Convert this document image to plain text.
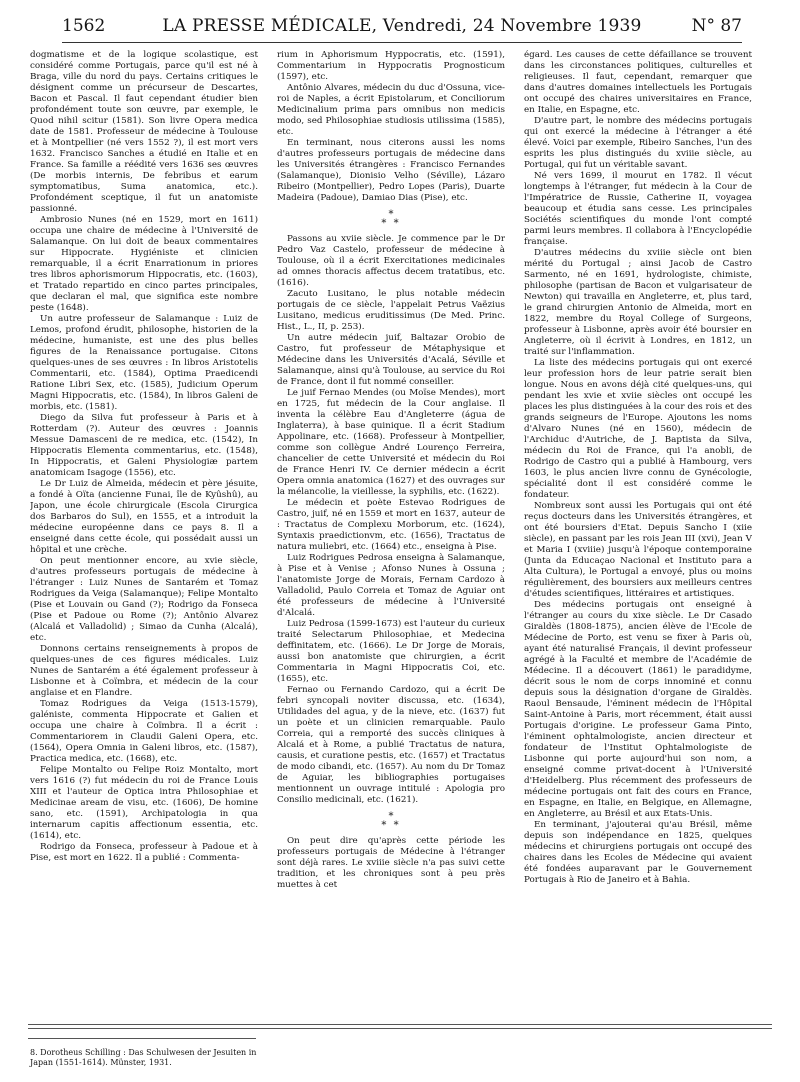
LA PRESSE MÉDICALE, Vendredi, 24 Novembre 1939
1562	N° 87

dogmatisme et de la logique scolastique, est considéré comme Portugais, parce qu'il est né à Braga, ville du nord du pays. Certains critiques le désignent comme un précurseur de Descartes, Bacon et Pascal. Il faut cependant étudier bien profondément toute son œuvre, par exemple, le Quod nihil scitur (1581). Son livre Opera medica date de 1581. Professeur de médecine à Toulouse et à Montpellier (né vers 1552 ?), il est mort vers 1632. Francisco Sanches a étudié en Italie et en France. Sa famille a réédité vers 1636 ses œuvres (De morbis internis, De febribus et earum symptomatibus, Suma anatomica, etc.). Profondément sceptique, il fut un anatomiste passionné.

Ambrosio Nunes (né en 1529, mort en 1611) occupa une chaire de médecine à l'Université de Salamanque. On lui doit de beaux commentaires sur Hippocrate. Hygiéniste et clinicien remarquable, il a écrit Enarrationum in priores tres libros aphorismorum Hippocratis, etc. (1603), et Tratado repartido en cinco partes principales, que declaran el mal, que significa este nombre peste (1648).

Un autre professeur de Salamanque : Luiz de Lemos, profond érudit, philosophe, historien de la médecine, humaniste, est une des plus belles figures de la Renaissance portugaise. Citons quelques-unes de ses œuvres : In libros Aristotelis Commentarii, etc. (1584), Optima Praedicendi Ratione Libri Sex, etc. (1585), Judicium Operum Magni Hippocratis, etc. (1584), In libros Galeni de morbis, etc. (1581).

Diego da Silva fut professeur à Paris et à Rotterdam (?). Auteur des œuvres : Joannis Messue Damasceni de re medica, etc. (1542), In Hippocratis Elementa commentarius, etc. (1548), In Hippocratis, et Galeni Physiologiæ partem anatomicam Isagoge (1556), etc.

Le Dr Luiz de Almeida, médecin et père jésuite, a fondé à Oïta (ancienne Funai, île de Kyûshû), au Japon, une école chirurgicale (Escola Cirurgica dos Barbaros do Sul), en 1555, et a introduit la médecine européenne dans ce pays 8. Il a enseigné dans cette école, qui possédait aussi un hôpital et une crèche.

On peut mentionner encore, au xvie siècle, d'autres professeurs portugais de médecine à l'étranger : Luiz Nunes de Santarém et Tomaz Rodrigues da Veiga (Salamanque); Felipe Montalto (Pise et Louvain ou Gand (?); Rodrigo da Fonseca (Pise et Padoue ou Rome (?); Antônio Alvarez (Alcalá et Valladolid) ; Simao da Cunha (Alcalá), etc.

Donnons certains renseignements à propos de quelques-unes de ces figures médicales. Luiz Nunes de Santarém a été également professeur à Lisbonne et à Coïmbra, et médecin de la cour anglaise et en Flandre.

Tomaz Rodrigues da Veiga (1513-1579), galéniste, commenta Hippocrate et Galien et occupa une chaire à Coïmbra. Il a écrit : Commentariorem in Claudii Galeni Opera, etc. (1564), Opera Omnia in Galeni libros, etc. (1587), Practica medica, etc. (1668), etc.

Felipe Montalto ou Felipe Roiz Montalto, mort vers 1616 (?) fut médecin du roi de France Louis XIII et l'auteur de Optica intra Philosophiae et Medicinae aream de visu, etc. (1606), De homine sano, etc. (1591), Archipatologia in qua internarum capitis affectionum essentia, etc. (1614), etc.

Rodrigo da Fonseca, professeur à Padoue et à Pise, est mort en 1622. Il a publié : Commenta-

rium in Aphorismum Hyppocratis, etc. (1591), Commentarium in Hyppocratis Prognosticum (1597), etc.

Antônio Alvares, médecin du duc d'Ossuna, vice-roi de Naples, a écrit Epistolarum, et Conciliorum Medicinalium prima pars omnibus non medicis modo, sed Philosophiae studiosis utilissima (1585), etc.

En terminant, nous citerons aussi les noms d'autres professeurs portugais de médecine dans les Universités étrangères : Francisco Fernandes (Salamanque), Dionisio Velho (Séville), Lázaro Ribeiro (Montpellier), Pedro Lopes (Paris), Duarte Madeira (Padoue), Damiao Dias (Pise), etc.

*
* *

Passons au xviie siècle. Je commence par le Dr Pedro Vaz Castelo, professeur de médecine à Toulouse, où il a écrit Exercitationes medicinales ad omnes thoracis affectus decem tratatibus, etc. (1616).

Zacuto Lusitano, le plus notable médecin portugais de ce siècle, l'appelait Petrus Vaëzius Lusitano, medicus eruditissimus (De Med. Princ. Hist., L., II, p. 253).

Un autre médecin juif, Baltazar Orobio de Castro, fut professeur de Métaphysique et Médecine dans les Universités d'Acalá, Séville et Salamanque, ainsi qu'à Toulouse, au service du Roi de France, dont il fut nommé conseiller.

Le juif Fernao Mendes (ou Moïse Mendes), mort en 1725, fut médecin de la Cour anglaise. Il inventa la célèbre Eau d'Angleterre (água de Inglaterra), à base quinique. Il a écrit Stadium Appolinare, etc. (1668). Professeur à Montpellier, comme son collègue André Lourenço Ferreira, chancelier de cette Université et médecin du Roi de France Henri IV. Ce dernier médecin a écrit Opera omnia anatomica (1627) et des ouvrages sur la mélancolie, la vieillesse, la syphilis, etc. (1622).

Le médecin et poète Estevao Rodrigues de Castro, juif, né en 1559 et mort en 1637, auteur de : Tractatus de Complexu Morborum, etc. (1624), Syntaxis praedictionvm, etc. (1656), Tractatus de natura muliebri, etc. (1664) etc., enseigna à Pise.

Luiz Rodrigues Pedrosa enseigna à Salamanque, à Pise et à Venise ; Afonso Nunes à Ossuna ; l'anatomiste Jorge de Morais, Fernam Cardozo à Valladolid, Paulo Correia et Tomaz de Aguiar ont été professeurs de médecine à l'Université d'Alcalá.

Luiz Pedrosa (1599-1673) est l'auteur du curieux traité Selectarum Philosophiae, et Medecina deffinitatem, etc. (1666). Le Dr Jorge de Morais, aussi bon anatomiste que chirurgien, a écrit Commentaria in Magni Hippocratis Coi, etc. (1655), etc.

Fernao ou Fernando Cardozo, qui a écrit De febri syncopali noviter discussa, etc. (1634), Utilidades del agua, y de la nieve, etc. (1637) fut un poète et un clinicien remarquable. Paulo Correia, qui a remporté des succès cliniques à Alcalá et à Rome, a publié Tractatus de natura, causis, et curatione pestis, etc. (1657) et Tractatus de modo cibandi, etc. (1657). Au nom du Dr Tomaz de Aguiar, les bibliographies portugaises mentionnent un ouvrage intitulé : Apologia pro Consilio medicinali, etc. (1621).

*
* *

On peut dire qu'après cette période les professeurs portugais de Médecine à l'étranger sont déjà rares. Le xviiie siècle n'a pas suivi cette tradition, et les chroniques sont à peu près muettes à cet

égard. Les causes de cette défaillance se trouvent dans les circonstances politiques, culturelles et religieuses. Il faut, cependant, remarquer que dans d'autres domaines intellectuels les Portugais ont occupé des chaires universitaires en France, en Italie, en Espagne, etc.

D'autre part, le nombre des médecins portugais qui ont exercé la médecine à l'étranger a été élevé. Voici par exemple, Ribeiro Sanches, l'un des esprits les plus distingués du xviiie siècle, au Portugal, qui fut un véritable savant.

Né vers 1699, il mourut en 1782. Il vécut longtemps à l'étranger, fut médecin à la Cour de l'Impératrice de Russie, Catherine II, voyagea beaucoup et étudia sans cesse. Les principales Sociétés scientifiques du monde l'ont compté parmi leurs membres. Il collabora à l'Encyclopédie française.

D'autres médecins du xviiie siècle ont bien mérité du Portugal ; ainsi Jacob de Castro Sarmento, né en 1691, hydrologiste, chimiste, philosophe (partisan de Bacon et vulgarisateur de Newton) qui travailla en Angleterre, et, plus tard, le grand chirurgien Antonio de Almeida, mort en 1822, membre du Royal College of Surgeons, professeur à Lisbonne, après avoir été boursier en Angleterre, où il écrivit à Londres, en 1812, un traité sur l'inflammation.

La liste des médecins portugais qui ont exercé leur profession hors de leur patrie serait bien longue. Nous en avons déjà cité quelques-uns, qui pendant les xvie et xviie siècles ont occupé les places les plus distinguées à la cour des rois et des grands seigneurs de l'Europe. Ajoutons les noms d'Alvaro Nunes (né en 1560), médecin de l'Archiduc d'Autriche, de J. Baptista da Silva, médecin du Roi de France, qui l'a anobli, de Rodrigo de Castro qui a publié à Hambourg, vers 1603, le plus ancien livre connu de Gynécologie, spécialité dont il est considéré comme le fondateur.

Nombreux sont aussi les Portugais qui ont été reçus docteurs dans les Universités étrangères, et ont été boursiers d'Etat. Depuis Sancho I (xiie siècle), en passant par les rois Jean III (xvi), Jean V et Maria I (xviiie) jusqu'à l'époque contemporaine (Junta da Educaçao Nacional et Instituto para a Alta Cultura), le Portugal a envoyé, plus ou moins régulièrement, des boursiers aux meilleurs centres d'études scientifiques, littéraires et artistiques.

Des médecins portugais ont enseigné à l'étranger au cours du xixe siècle. Le Dr Casado Giraldès (1808-1875), ancien élève de l'Ecole de Médecine de Porto, est venu se fixer à Paris où, ayant été naturalisé Français, il devint professeur agrégé à la Faculté et membre de l'Académie de Médecine. Il a découvert (1861) le paradidyme, décrit sous le nom de corps innominé et connu depuis sous la désignation d'organe de Giraldès. Raoul Bensaude, l'éminent médecin de l'Hôpital Saint-Antoine à Paris, mort récemment, était aussi Portugais d'origine. Le professeur Gama Pinto, l'éminent ophtalmologiste, ancien directeur et fondateur de l'Institut Ophtalmologiste de Lisbonne qui porte aujourd'hui son nom, a enseigné comme privat-docent à l'Université d'Heidelberg. Plus récemment des professeurs de médecine portugais ont fait des cours en France, en Espagne, en Italie, en Belgique, en Allemagne, en Angleterre, au Brésil et aux Etats-Unis.

En terminant, j'ajouterai qu'au Brésil, même depuis son indépendance en 1825, quelques médecins et chirurgiens portugais ont occupé des chaires dans les Ecoles de Médecine qui avaient été fondées auparavant par le Gouvernement Portugais à Rio de Janeiro et à Bahia.

8. Dorotheus Schilling : Das Schulwesen der Jesuiten in Japan (1551-1614). Münster, 1931.
